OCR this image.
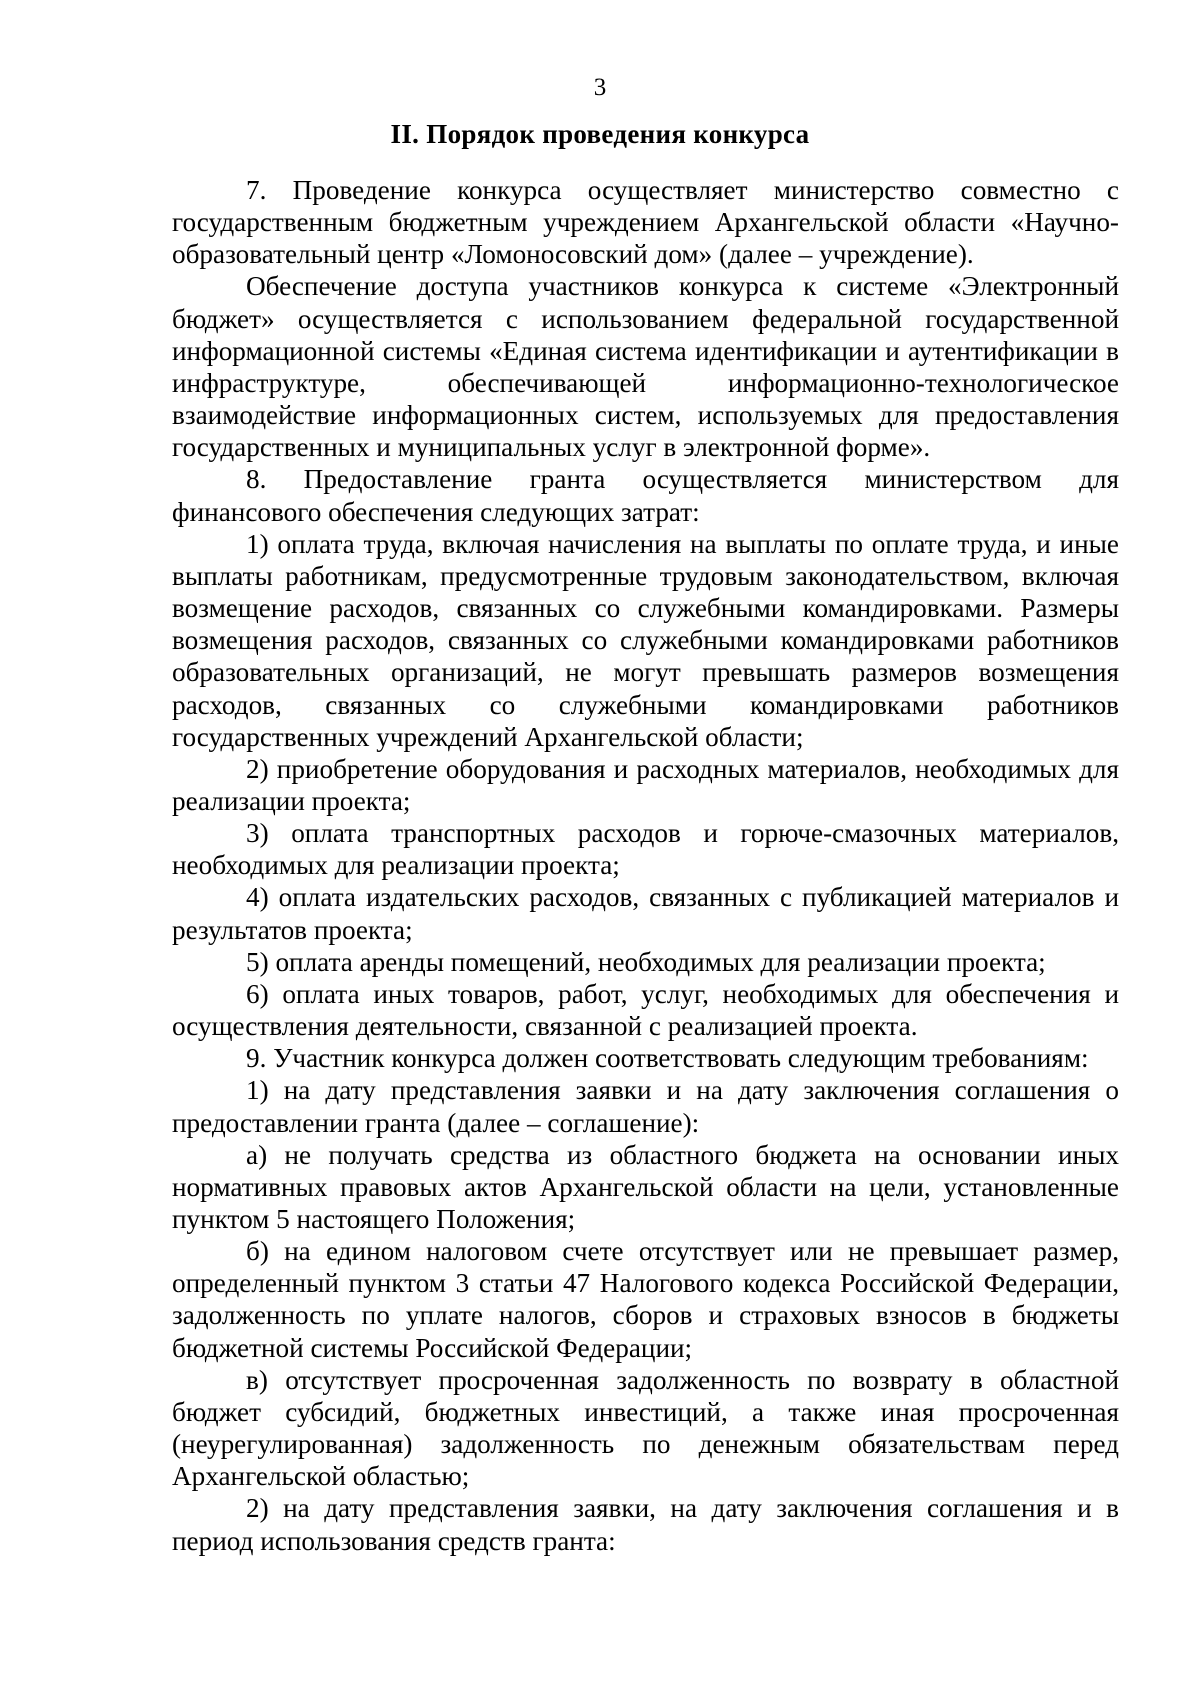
3
II. Порядок проведения конкурса

7. Проведение конкурса осуществляет министерство совместно с государственным бюджетным учреждением Архангельской области «Научно-образовательный центр «Ломоносовский дом» (далее – учреждение).

Обеспечение доступа участников конкурса к системе «Электронный бюджет» осуществляется с использованием федеральной государственной информационной системы «Единая система идентификации и аутентификации в инфраструктуре, обеспечивающей информационно-технологическое взаимодействие информационных систем, используемых для предоставления государственных и муниципальных услуг в электронной форме».

8. Предоставление гранта осуществляется министерством для финансового обеспечения следующих затрат:

1) оплата труда, включая начисления на выплаты по оплате труда, и иные выплаты работникам, предусмотренные трудовым законодательством, включая возмещение расходов, связанных со служебными командировками. Размеры возмещения расходов, связанных со служебными командировками работников образовательных организаций, не могут превышать размеров возмещения расходов, связанных со служебными командировками работников государственных учреждений Архангельской области;

2) приобретение оборудования и расходных материалов, необходимых для реализации проекта;

3) оплата транспортных расходов и горюче-смазочных материалов, необходимых для реализации проекта;

4) оплата издательских расходов, связанных с публикацией материалов и результатов проекта;

5) оплата аренды помещений, необходимых для реализации проекта;

6) оплата иных товаров, работ, услуг, необходимых для обеспечения и осуществления деятельности, связанной с реализацией проекта.

9. Участник конкурса должен соответствовать следующим требованиям:

1) на дату представления заявки и на дату заключения соглашения о предоставлении гранта (далее – соглашение):

а) не получать средства из областного бюджета на основании иных нормативных правовых актов Архангельской области на цели, установленные пунктом 5 настоящего Положения;

б) на едином налоговом счете отсутствует или не превышает размер, определенный пунктом 3 статьи 47 Налогового кодекса Российской Федерации, задолженность по уплате налогов, сборов и страховых взносов в бюджеты бюджетной системы Российской Федерации;

в) отсутствует просроченная задолженность по возврату в областной бюджет субсидий, бюджетных инвестиций, а также иная просроченная (неурегулированная) задолженность по денежным обязательствам перед Архангельской областью;

2) на дату представления заявки, на дату заключения соглашения и в период использования средств гранта:
